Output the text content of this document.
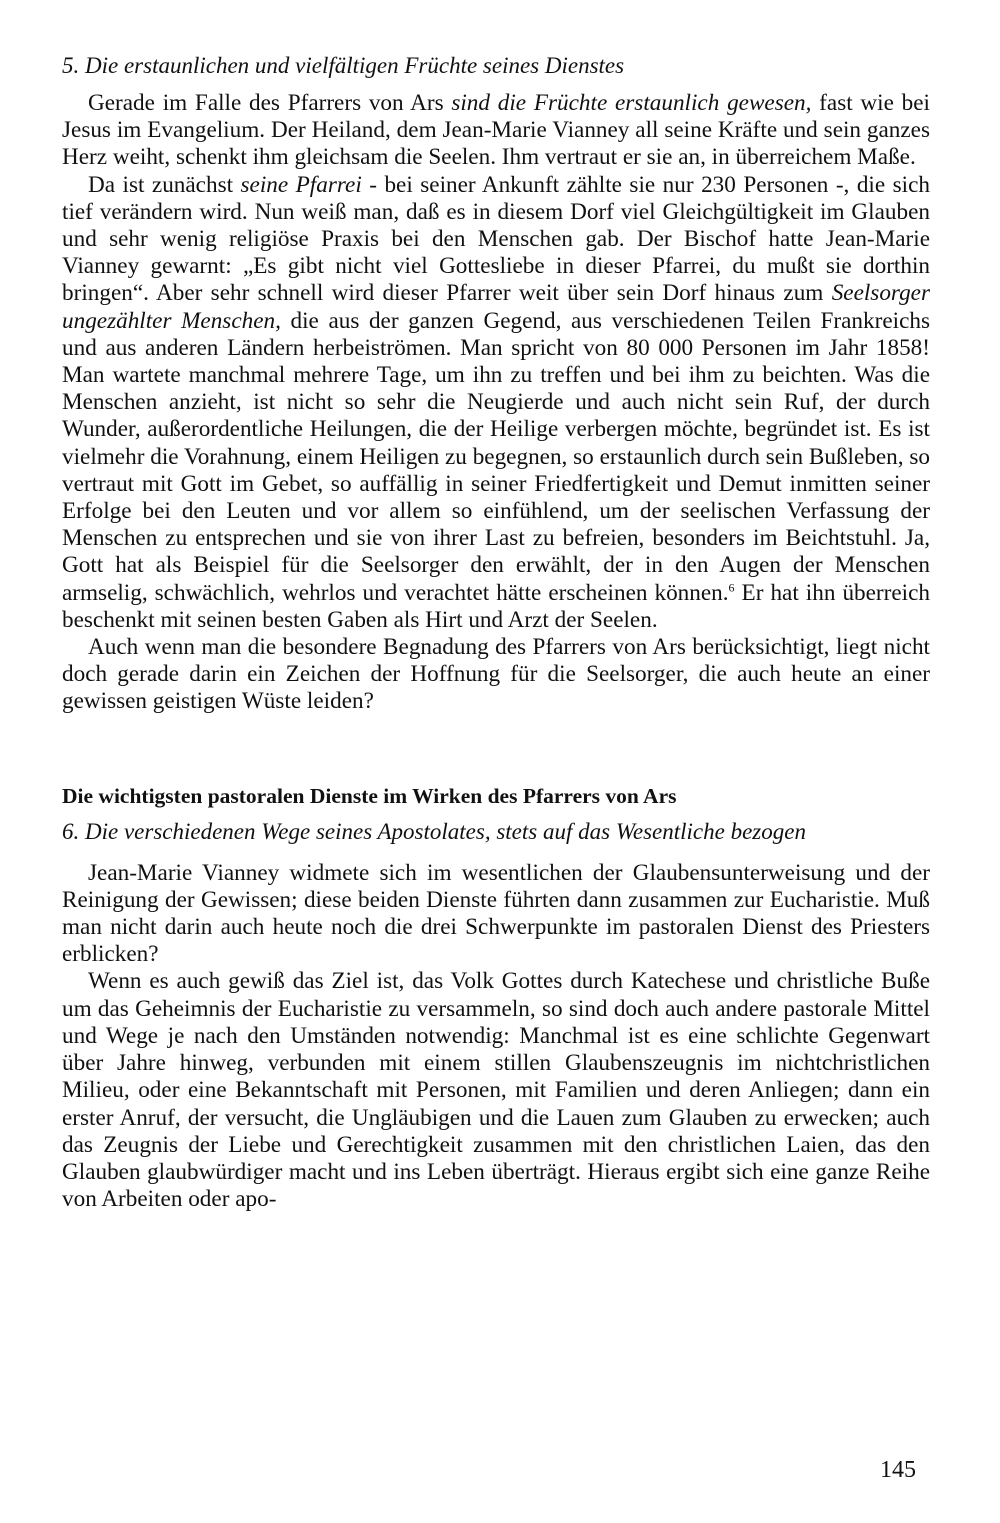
5. Die erstaunlichen und vielfältigen Früchte seines Dienstes

Gerade im Falle des Pfarrers von Ars sind die Früchte erstaunlich gewesen, fast wie bei Jesus im Evangelium. Der Heiland, dem Jean-Marie Vianney all seine Kräfte und sein ganzes Herz weiht, schenkt ihm gleichsam die Seelen. Ihm vertraut er sie an, in überreichem Maße.

Da ist zunächst seine Pfarrei - bei seiner Ankunft zählte sie nur 230 Personen -, die sich tief verändern wird. Nun weiß man, daß es in diesem Dorf viel Gleichgültigkeit im Glauben und sehr wenig religiöse Praxis bei den Menschen gab. Der Bischof hatte Jean-Marie Vianney gewarnt: „Es gibt nicht viel Gottesliebe in dieser Pfarrei, du mußt sie dorthin bringen“. Aber sehr schnell wird dieser Pfarrer weit über sein Dorf hinaus zum Seelsorger ungezählter Menschen, die aus der ganzen Gegend, aus verschiedenen Teilen Frankreichs und aus anderen Ländern herbeiströmen. Man spricht von 80 000 Personen im Jahr 1858! Man wartete manchmal mehrere Tage, um ihn zu treffen und bei ihm zu beichten. Was die Menschen anzieht, ist nicht so sehr die Neugierde und auch nicht sein Ruf, der durch Wunder, außerordentliche Heilungen, die der Heilige verbergen möchte, begründet ist. Es ist vielmehr die Vorahnung, einem Heiligen zu begegnen, so erstaunlich durch sein Bußleben, so vertraut mit Gott im Gebet, so auffällig in seiner Friedfertigkeit und Demut inmitten seiner Erfolge bei den Leuten und vor allem so einfühlend, um der seelischen Verfassung der Menschen zu entsprechen und sie von ihrer Last zu befreien, besonders im Beichtstuhl. Ja, Gott hat als Beispiel für die Seelsorger den erwählt, der in den Augen der Menschen armselig, schwächlich, wehrlos und verachtet hätte erscheinen können.$^6$ Er hat ihn überreich beschenkt mit seinen besten Gaben als Hirt und Arzt der Seelen.

Auch wenn man die besondere Begnadung des Pfarrers von Ars berücksichtigt, liegt nicht doch gerade darin ein Zeichen der Hoffnung für die Seelsorger, die auch heute an einer gewissen geistigen Wüste leiden?

Die wichtigsten pastoralen Dienste im Wirken des Pfarrers von Ars
6. Die verschiedenen Wege seines Apostolates, stets auf das Wesentliche bezogen

Jean-Marie Vianney widmete sich im wesentlichen der Glaubensunterweisung und der Reinigung der Gewissen; diese beiden Dienste führten dann zusammen zur Eucharistie. Muß man nicht darin auch heute noch die drei Schwerpunkte im pastoralen Dienst des Priesters erblicken?

Wenn es auch gewiß das Ziel ist, das Volk Gottes durch Katechese und christliche Buße um das Geheimnis der Eucharistie zu versammeln, so sind doch auch andere pastorale Mittel und Wege je nach den Umständen notwendig: Manchmal ist es eine schlichte Gegenwart über Jahre hinweg, verbunden mit einem stillen Glaubenszeugnis im nichtchristlichen Milieu, oder eine Bekanntschaft mit Personen, mit Familien und deren Anliegen; dann ein erster Anruf, der versucht, die Ungläubigen und die Lauen zum Glauben zu erwecken; auch das Zeugnis der Liebe und Gerechtigkeit zusammen mit den christlichen Laien, das den Glauben glaubwürdiger macht und ins Leben überträgt. Hieraus ergibt sich eine ganze Reihe von Arbeiten oder apo-

145
